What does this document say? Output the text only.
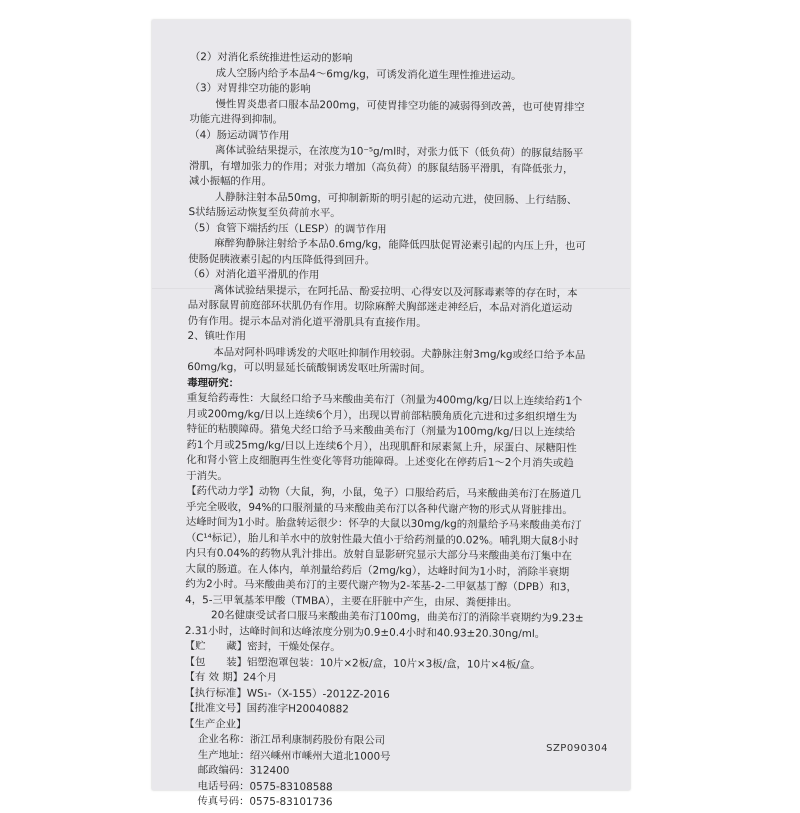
（2）对消化系统推进性运动的影响
成人空肠内给予本品4～6mg/kg，可诱发消化道生理性推进运动。
（3）对胃排空功能的影响
慢性胃炎患者口服本品200mg，可使胃排空功能的减弱得到改善，也可使胃排空
功能亢进得到抑制。
（4）肠运动调节作用
离体试验结果提示，在浓度为10⁻⁵g/ml时，对张力低下（低负荷）的豚鼠结肠平
滑肌，有增加张力的作用；对张力增加（高负荷）的豚鼠结肠平滑肌，有降低张力，
减小振幅的作用。
人静脉注射本品50mg，可抑制新斯的明引起的运动亢进，使回肠、上行结肠、
S状结肠运动恢复至负荷前水平。
（5）食管下端括约压（LESP）的调节作用
麻醉狗静脉注射给予本品0.6mg/kg，能降低四肽促胃泌素引起的内压上升，也可
使肠促胰液素引起的内压降低得到回升。
（6）对消化道平滑肌的作用
离体试验结果提示，在阿托品、酚妥拉明、心得安以及河豚毒素等的存在时，本
品对豚鼠胃前庭部环状肌仍有作用。切除麻醉犬胸部迷走神经后，本品对消化道运动
仍有作用。提示本品对消化道平滑肌具有直接作用。
2、镇吐作用
本品对阿朴吗啡诱发的犬呕吐抑制作用较弱。犬静脉注射3mg/kg或经口给予本品
60mg/kg，可以明显延长硫酸铜诱发呕吐所需时间。
毒理研究：
重复给药毒性：大鼠经口给予马来酸曲美布汀（剂量为400mg/kg/日以上连续给药1个
月或200mg/kg/日以上连续6个月），出现以胃前部粘膜角质化亢进和过多组织增生为
特征的粘膜障碍。猎兔犬经口给予马来酸曲美布汀（剂量为100mg/kg/日以上连续给
药1个月或25mg/kg/日以上连续6个月），出现肌酐和尿素氮上升，尿蛋白、尿糖阳性
化和肾小管上皮细胞再生性变化等肾功能障碍。上述变化在停药后1～2个月消失或趋
于消失。
【药代动力学】动物（大鼠，狗，小鼠，兔子）口服给药后，马来酸曲美布汀在肠道几
乎完全吸收，94%的口服剂量的马来酸曲美布汀以各种代谢产物的形式从肾脏排出。
达峰时间为1小时。胎盘转运很少：怀孕的大鼠以30mg/kg的剂量给予马来酸曲美布汀
（C¹⁴标记），胎儿和羊水中的放射性最大值小于给药剂量的0.02%。哺乳期大鼠8小时
内只有0.04%的药物从乳汁排出。放射自显影研究显示大部分马来酸曲美布汀集中在
大鼠的肠道。在人体内，单剂量给药后（2mg/kg），达峰时间为1小时，消除半衰期
约为2小时。马来酸曲美布汀的主要代谢产物为2-苯基-2-二甲氨基丁醇（DPB）和3，
4，5-三甲氧基苯甲酸（TMBA），主要在肝脏中产生，由尿、粪便排出。
20名健康受试者口服马来酸曲美布汀100mg，曲美布汀的消除半衰期约为9.23±
2.31小时，达峰时间和达峰浓度分别为0.9±0.4小时和40.93±20.30ng/ml。
【贮　　藏】密封，干燥处保存。
【包　　装】铝塑泡罩包装：10片×2板/盒，10片×3板/盒，10片×4板/盒。
【有 效 期】24个月
【执行标准】WS₁-（X-155）-2012Z-2016
【批准文号】国药准字H20040882
【生产企业】
企业名称：浙江昂利康制药股份有限公司
生产地址：绍兴嵊州市嵊州大道北1000号
邮政编码：312400
电话号码：0575-83108588
传真号码：0575-83101736
SZP090304
